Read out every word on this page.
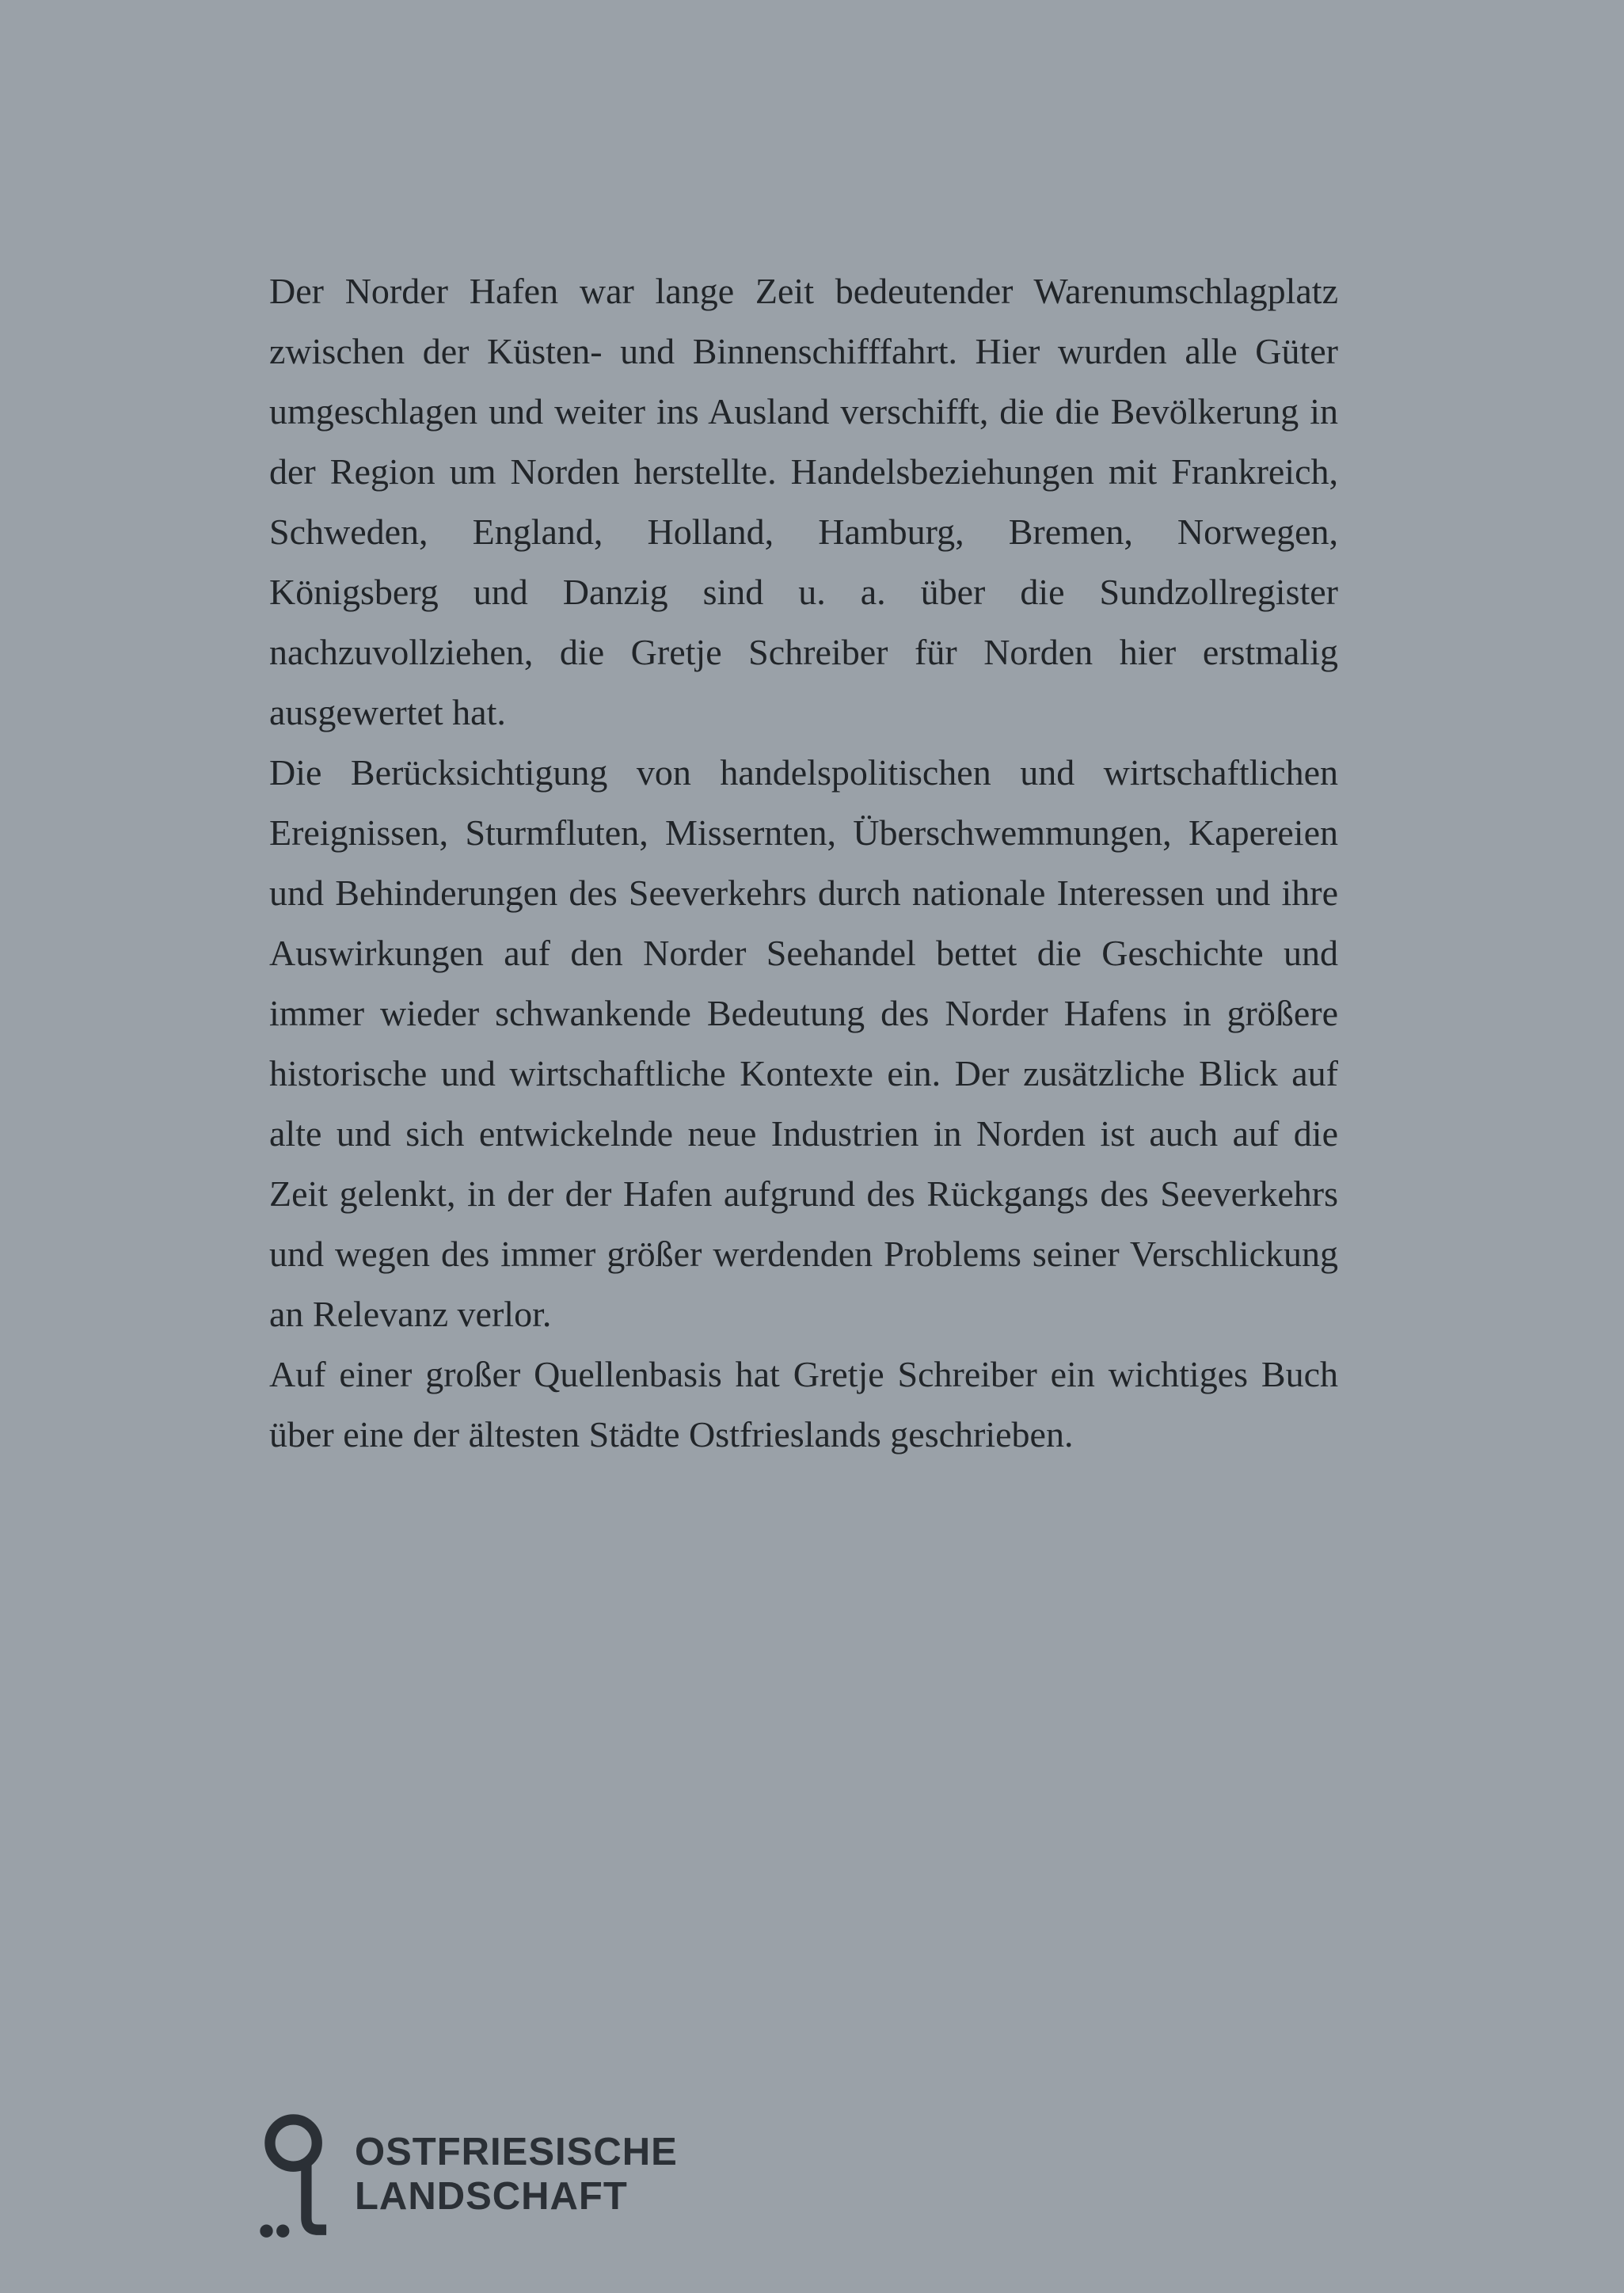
Der Norder Hafen war lange Zeit bedeutender Warenumschlagplatz zwischen der Küsten- und Binnenschifffahrt. Hier wurden alle Güter umgeschlagen und weiter ins Ausland verschifft, die die Bevölkerung in der Region um Norden herstellte. Handelsbeziehungen mit Frankreich, Schweden, England, Holland, Hamburg, Bremen, Norwegen, Königsberg und Danzig sind u. a. über die Sundzollregister nachzuvollziehen, die Gretje Schreiber für Norden hier erstmalig ausgewertet hat.

Die Berücksichtigung von handelspolitischen und wirtschaftlichen Ereignissen, Sturmfluten, Missernten, Überschwemmungen, Kapereien und Behinderungen des Seeverkehrs durch nationale Interessen und ihre Auswirkungen auf den Norder Seehandel bettet die Geschichte und immer wieder schwankende Bedeutung des Norder Hafens in größere historische und wirtschaftliche Kontexte ein. Der zusätzliche Blick auf alte und sich entwickelnde neue Industrien in Norden ist auch auf die Zeit gelenkt, in der der Hafen aufgrund des Rückgangs des Seeverkehrs und wegen des immer größer werdenden Problems seiner Verschlickung an Relevanz verlor.

Auf einer großer Quellenbasis hat Gretje Schreiber ein wichtiges Buch über eine der ältesten Städte Ostfrieslands geschrieben.

OSTFRIESISCHE
LANDSCHAFT
